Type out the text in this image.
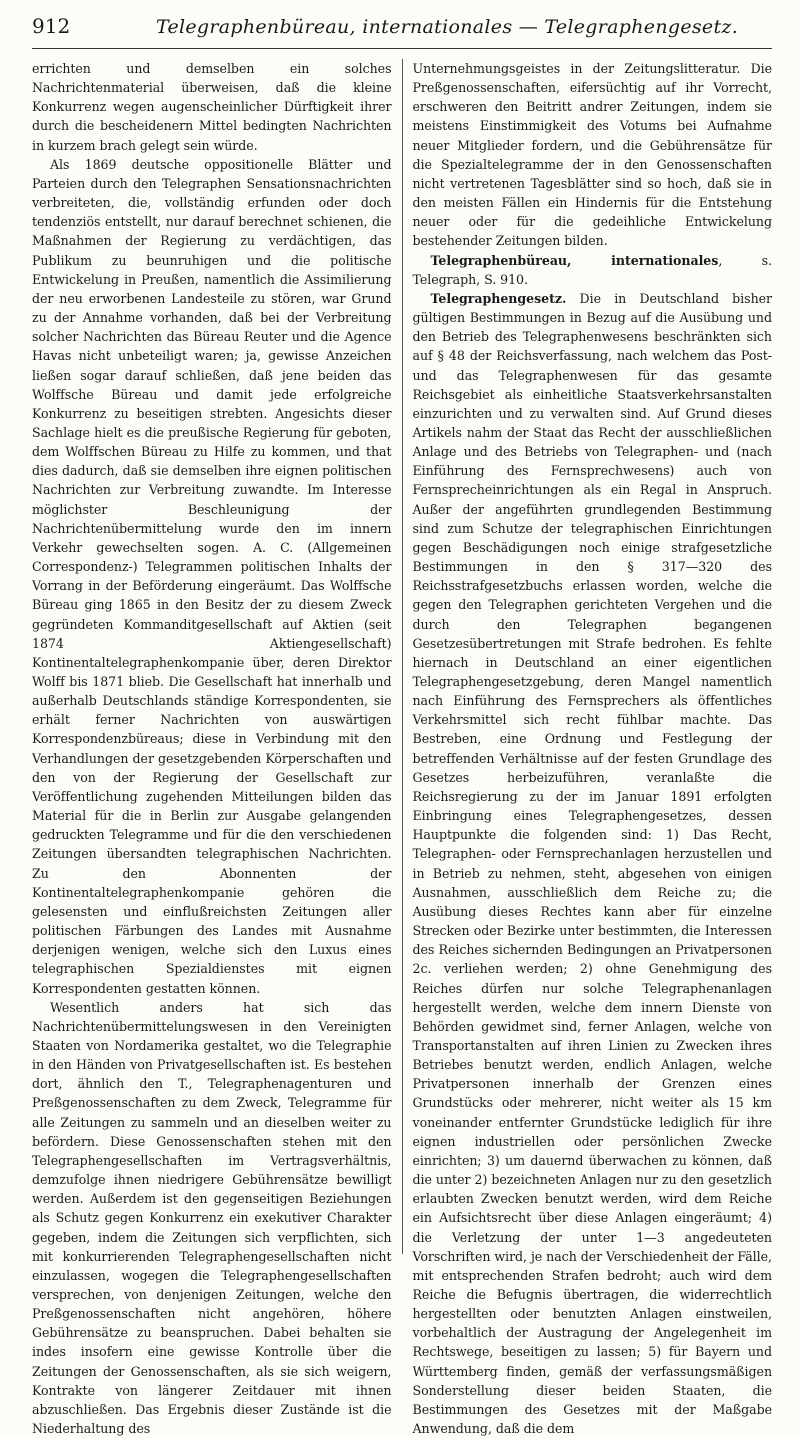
912	Telegraphenbüreau, internationales — Telegraphengesetz.

errichten und demselben ein solches Nachrichtenmaterial überweisen, daß die kleine Konkurrenz wegen augenscheinlicher Dürftigkeit ihrer durch die bescheidenern Mittel bedingten Nachrichten in kurzem brach gelegt sein würde.

Als 1869 deutsche oppositionelle Blätter und Parteien durch den Telegraphen Sensationsnachrichten verbreiteten, die, vollständig erfunden oder doch tendenziös entstellt, nur darauf berechnet schienen, die Maßnahmen der Regierung zu verdächtigen, das Publikum zu beunruhigen und die politische Entwickelung in Preußen, namentlich die Assimilierung der neu erworbenen Landesteile zu stören, war Grund zu der Annahme vorhanden, daß bei der Verbreitung solcher Nachrichten das Büreau Reuter und die Agence Havas nicht unbeteiligt waren; ja, gewisse Anzeichen ließen sogar darauf schließen, daß jene beiden das Wolffsche Büreau und damit jede erfolgreiche Konkurrenz zu beseitigen strebten. Angesichts dieser Sachlage hielt es die preußische Regierung für geboten, dem Wolffschen Büreau zu Hilfe zu kommen, und that dies dadurch, daß sie demselben ihre eignen politischen Nachrichten zur Verbreitung zuwandte. Im Interesse möglichster Beschleunigung der Nachrichtenübermittelung wurde den im innern Verkehr gewechselten sogen. A. C. (Allgemeinen Correspondenz-) Telegrammen politischen Inhalts der Vorrang in der Beförderung eingeräumt. Das Wolffsche Büreau ging 1865 in den Besitz der zu diesem Zweck gegründeten Kommanditgesellschaft auf Aktien (seit 1874 Aktiengesellschaft) Kontinentaltelegraphenkompanie über, deren Direktor Wolff bis 1871 blieb. Die Gesellschaft hat innerhalb und außerhalb Deutschlands ständige Korrespondenten, sie erhält ferner Nachrichten von auswärtigen Korrespondenzbüreaus; diese in Verbindung mit den Verhandlungen der gesetzgebenden Körperschaften und den von der Regierung der Gesellschaft zur Veröffentlichung zugehenden Mitteilungen bilden das Material für die in Berlin zur Ausgabe gelangenden gedruckten Telegramme und für die den verschiedenen Zeitungen übersandten telegraphischen Nachrichten. Zu den Abonnenten der Kontinentaltelegraphenkompanie gehören die gelesensten und einflußreichsten Zeitungen aller politischen Färbungen des Landes mit Ausnahme derjenigen wenigen, welche sich den Luxus eines telegraphischen Spezialdienstes mit eignen Korrespondenten gestatten können.

Wesentlich anders hat sich das Nachrichtenübermittelungswesen in den Vereinigten Staaten von Nordamerika gestaltet, wo die Telegraphie in den Händen von Privatgesellschaften ist. Es bestehen dort, ähnlich den T., Telegraphenagenturen und Preßgenossenschaften zu dem Zweck, Telegramme für alle Zeitungen zu sammeln und an dieselben weiter zu befördern. Diese Genossenschaften stehen mit den Telegraphengesellschaften im Vertragsverhältnis, demzufolge ihnen niedrigere Gebührensätze bewilligt werden. Außerdem ist den gegenseitigen Beziehungen als Schutz gegen Konkurrenz ein exekutiver Charakter gegeben, indem die Zeitungen sich verpflichten, sich mit konkurrierenden Telegraphengesellschaften nicht einzulassen, wogegen die Telegraphengesellschaften versprechen, von denjenigen Zeitungen, welche den Preßgenossenschaften nicht angehören, höhere Gebührensätze zu beanspruchen. Dabei behalten sie indes insofern eine gewisse Kontrolle über die Zeitungen der Genossenschaften, als sie sich weigern, Kontrakte von längerer Zeitdauer mit ihnen abzuschließen. Das Ergebnis dieser Zustände ist die Niederhaltung des

Unternehmungsgeistes in der Zeitungslitteratur. Die Preßgenossenschaften, eifersüchtig auf ihr Vorrecht, erschweren den Beitritt andrer Zeitungen, indem sie meistens Einstimmigkeit des Votums bei Aufnahme neuer Mitglieder fordern, und die Gebührensätze für die Spezialtelegramme der in den Genossenschaften nicht vertretenen Tagesblätter sind so hoch, daß sie in den meisten Fällen ein Hindernis für die Entstehung neuer oder für die gedeihliche Entwickelung bestehender Zeitungen bilden.

Telegraphenbüreau, internationales, s. Telegraph, S. 910.

Telegraphengesetz. Die in Deutschland bisher gültigen Bestimmungen in Bezug auf die Ausübung und den Betrieb des Telegraphenwesens beschränkten sich auf § 48 der Reichsverfassung, nach welchem das Post- und das Telegraphenwesen für das gesamte Reichsgebiet als einheitliche Staatsverkehrsanstalten einzurichten und zu verwalten sind. Auf Grund dieses Artikels nahm der Staat das Recht der ausschließlichen Anlage und des Betriebs von Telegraphen- und (nach Einführung des Fernsprechwesens) auch von Fernsprecheinrichtungen als ein Regal in Anspruch. Außer der angeführten grundlegenden Bestimmung sind zum Schutze der telegraphischen Einrichtungen gegen Beschädigungen noch einige strafgesetzliche Bestimmungen in den § 317—320 des Reichsstrafgesetzbuchs erlassen worden, welche die gegen den Telegraphen gerichteten Vergehen und die durch den Telegraphen begangenen Gesetzesübertretungen mit Strafe bedrohen. Es fehlte hiernach in Deutschland an einer eigentlichen Telegraphengesetzgebung, deren Mangel namentlich nach Einführung des Fernsprechers als öffentliches Verkehrsmittel sich recht fühlbar machte. Das Bestreben, eine Ordnung und Festlegung der betreffenden Verhältnisse auf der festen Grundlage des Gesetzes herbeizuführen, veranlaßte die Reichsregierung zu der im Januar 1891 erfolgten Einbringung eines Telegraphengesetzes, dessen Hauptpunkte die folgenden sind: 1) Das Recht, Telegraphen- oder Fernsprechanlagen herzustellen und in Betrieb zu nehmen, steht, abgesehen von einigen Ausnahmen, ausschließlich dem Reiche zu; die Ausübung dieses Rechtes kann aber für einzelne Strecken oder Bezirke unter bestimmten, die Interessen des Reiches sichernden Bedingungen an Privatpersonen 2c. verliehen werden; 2) ohne Genehmigung des Reiches dürfen nur solche Telegraphenanlagen hergestellt werden, welche dem innern Dienste von Behörden gewidmet sind, ferner Anlagen, welche von Transportanstalten auf ihren Linien zu Zwecken ihres Betriebes benutzt werden, endlich Anlagen, welche Privatpersonen innerhalb der Grenzen eines Grundstücks oder mehrerer, nicht weiter als 15 km voneinander entfernter Grundstücke lediglich für ihre eignen industriellen oder persönlichen Zwecke einrichten; 3) um dauernd überwachen zu können, daß die unter 2) bezeichneten Anlagen nur zu den gesetzlich erlaubten Zwecken benutzt werden, wird dem Reiche ein Aufsichtsrecht über diese Anlagen eingeräumt; 4) die Verletzung der unter 1—3 angedeuteten Vorschriften wird, je nach der Verschiedenheit der Fälle, mit entsprechenden Strafen bedroht; auch wird dem Reiche die Befugnis übertragen, die widerrechtlich hergestellten oder benutzten Anlagen einstweilen, vorbehaltlich der Austragung der Angelegenheit im Rechtswege, beseitigen zu lassen; 5) für Bayern und Württemberg finden, gemäß der verfassungsmäßigen Sonderstellung dieser beiden Staaten, die Bestimmungen des Gesetzes mit der Maßgabe Anwendung, daß die dem
